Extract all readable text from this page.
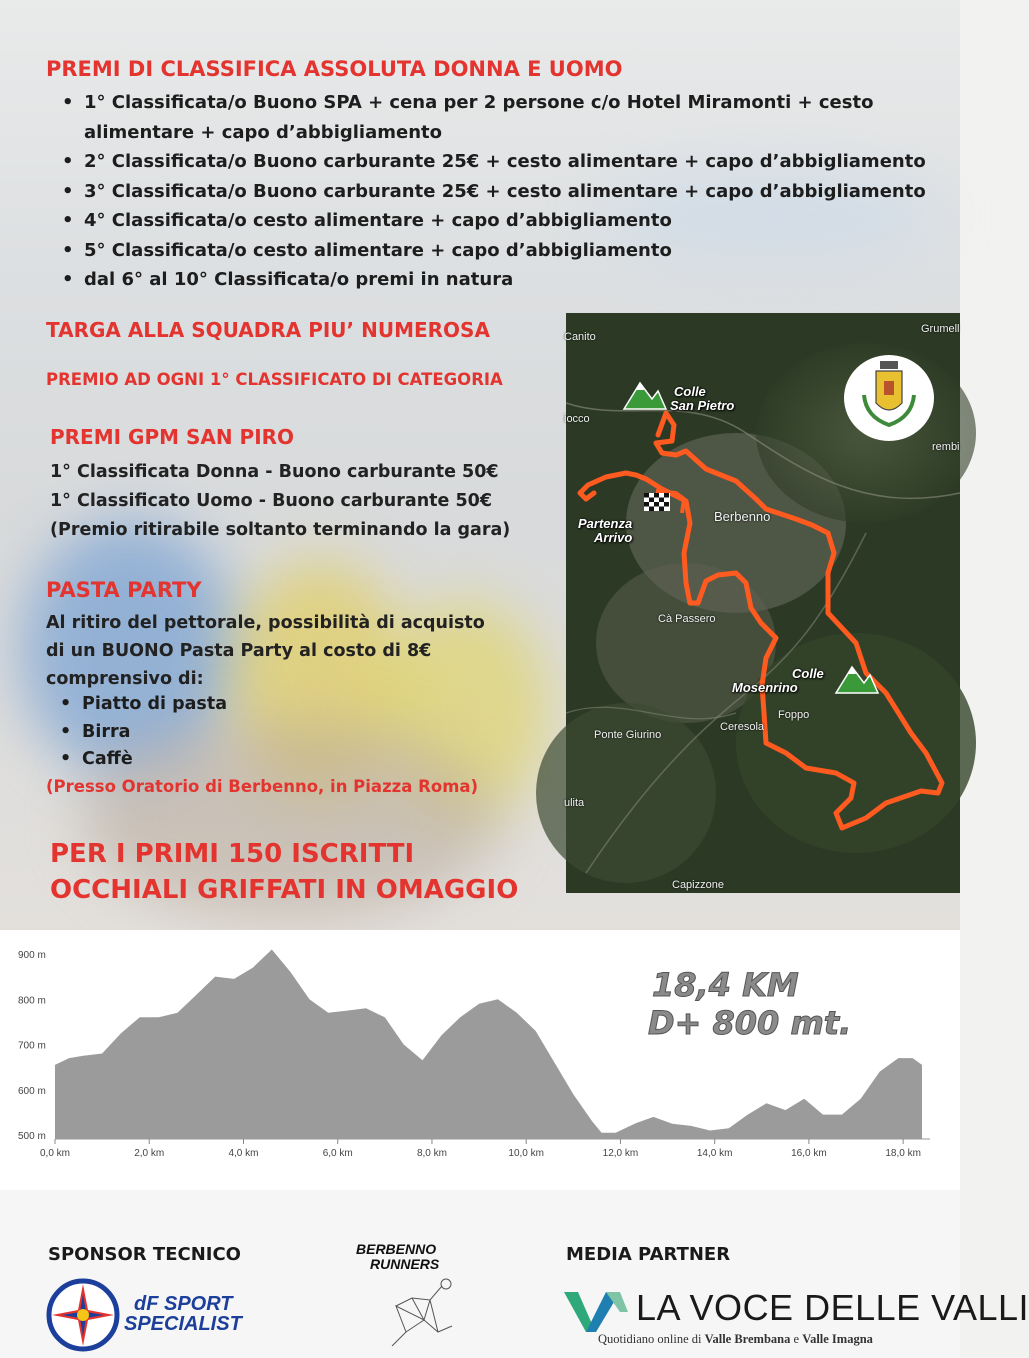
PREMI DI CLASSIFICA ASSOLUTA DONNA E UOMO
• 1° Classificata/o Buono SPA + cena per 2 persone c/o Hotel Miramonti + cesto
alimentare + capo d’abbigliamento
• 2° Classificata/o Buono carburante 25€ + cesto alimentare + capo d’abbigliamento
• 3° Classificata/o Buono carburante 25€ + cesto alimentare + capo d’abbigliamento
• 4° Classificata/o cesto alimentare + capo d’abbigliamento
• 5° Classificata/o cesto alimentare + capo d’abbigliamento
• dal 6° al 10° Classificata/o premi in natura
TARGA ALLA SQUADRA PIU’ NUMEROSA
PREMIO AD OGNI 1° CLASSIFICATO DI CATEGORIA
PREMI GPM SAN PIRO
1° Classificata Donna - Buono carburante 50€
1° Classificato Uomo - Buono carburante 50€
(Premio ritirabile soltanto terminando la gara)
PASTA PARTY
Al ritiro del pettorale, possibilità di acquisto
di un BUONO Pasta Party al costo di 8€
comprensivo di:
• Piatto di pasta
• Birra
• Caffè
(Presso Oratorio di Berbenno, in Piazza Roma)
PER I PRIMI 150 ISCRITTI
OCCHIALI GRIFFATI IN OMAGGIO
Canito
Grumell
iocco
rembi
Berbenno
Cà Passero
Foppo
Ceresola
Ponte Giurino
ulita
Capizzone
Colle
San Pietro
Partenza
Arrivo
Colle
Mosenrino
900 m
800 m
700 m
600 m
500 m
0,0 km	2,0 km	4,0 km	6,0 km	8,0 km	10,0 km	12,0 km	14,0 km	16,0 km	18,0 km
18,4 KM
D+ 800 mt.
SPONSOR TECNICO
dF SPORT
SPECIALIST
BERBENNO
RUNNERS	MEDIA PARTNER
LA VOCE DELLE VALLI
Quotidiano online di Valle Brembana e Valle Imagna
